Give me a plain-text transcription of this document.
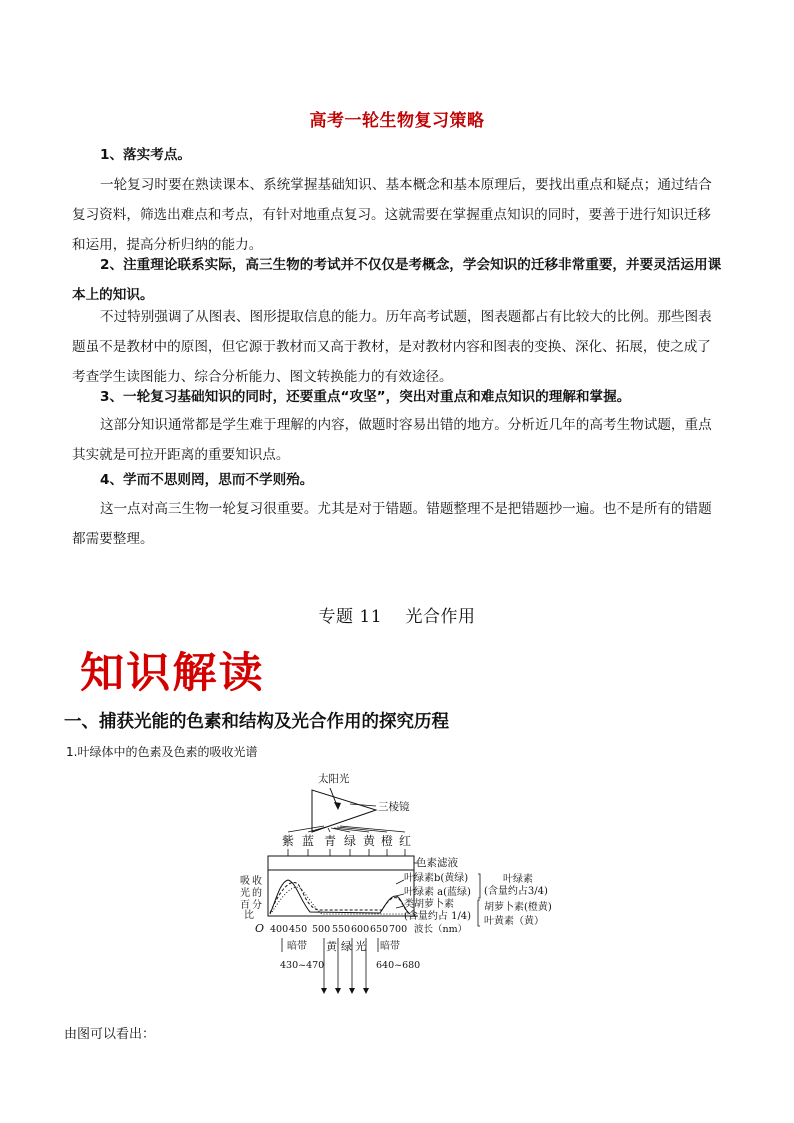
高考一轮生物复习策略
1、落实考点。
一轮复习时要在熟读课本、系统掌握基础知识、基本概念和基本原理后，要找出重点和疑点；通过结合复习资料，筛选出难点和考点，有针对地重点复习。这就需要在掌握重点知识的同时，要善于进行知识迁移和运用，提高分析归纳的能力。
2、注重理论联系实际，高三生物的考试并不仅仅是考概念，学会知识的迁移非常重要，并要灵活运用课本上的知识。
不过特别强调了从图表、图形提取信息的能力。历年高考试题，图表题都占有比较大的比例。那些图表题虽不是教材中的原图，但它源于教材而又高于教材，是对教材内容和图表的变换、深化、拓展，使之成了考查学生读图能力、综合分析能力、图文转换能力的有效途径。
3、一轮复习基础知识的同时，还要重点“攻坚”，突出对重点和难点知识的理解和掌握。
这部分知识通常都是学生难于理解的内容，做题时容易出错的地方。分析近几年的高考生物试题，重点其实就是可拉开距离的重要知识点。
4、学而不思则罔，思而不学则殆。
这一点对高三生物一轮复习很重要。尤其是对于错题。错题整理不是把错题抄一遍。也不是所有的错题都需要整理。
专题 11　 光合作用
知识解读
一、捕获光能的色素和结构及光合作用的探究历程
1.叶绿体中的色素及色素的吸收光谱
太阳光
三棱镜
紫 蓝 青 绿 黄 橙 红
色素滤液
吸 收
光 的
百 分
比
O 400 450 500 550 600 650 700 波长（nm）
叶绿素b(黄绿)
叶绿素 a(蓝绿)
类胡萝卜素
(含量约占 1/4)
叶绿素
(含量约占3/4)
胡萝卜素(橙黄)
叶黄素（黄）
暗带
430~470
黄 绿 光 暗带
640~680
由图可以看出：
